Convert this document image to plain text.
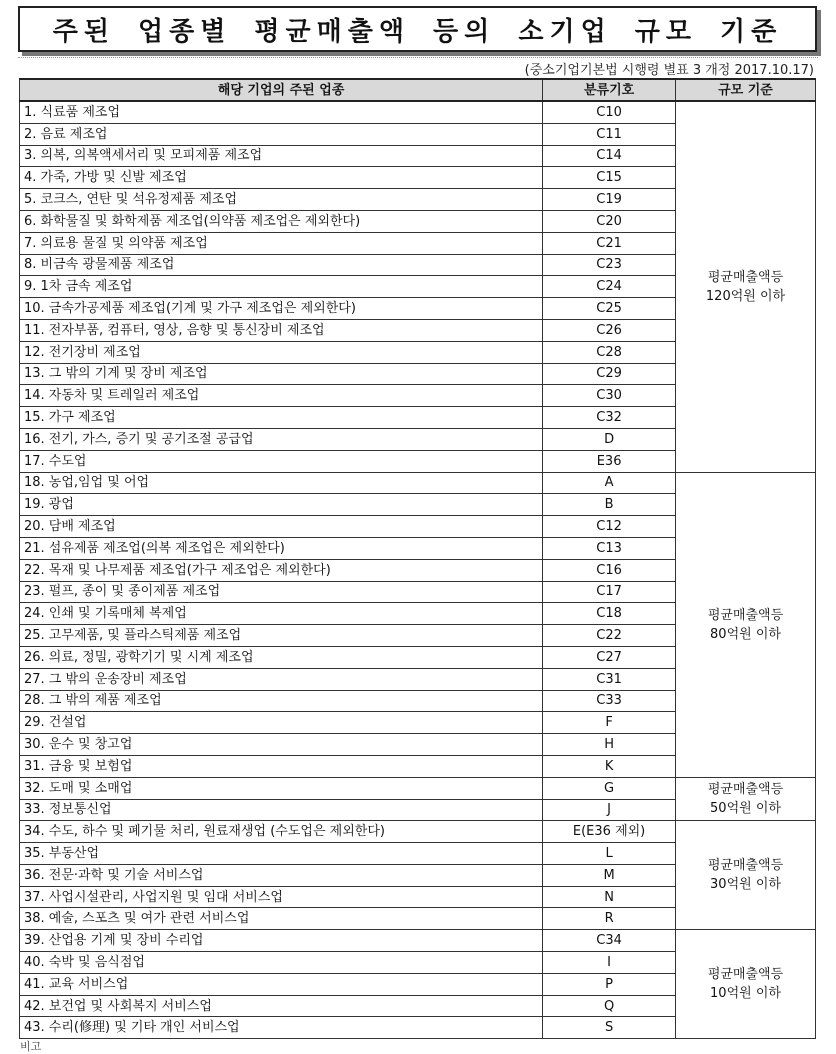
주된 업종별 평균매출액 등의 소기업 규모 기준
(중소기업기본법 시행령 별표 3 개정 2017.10.17)
해당 기업의 주된 업종	분류기호	규모 기준
1. 식료품 제조업	C10	평균매출액등
120억원 이하

2. 음료 제조업	C11	
3. 의복, 의복액세서리 및 모피제품 제조업	C14	
4. 가죽, 가방 및 신발 제조업	C15	
5. 코크스, 연탄 및 석유정제품 제조업	C19	
6. 화학물질 및 화학제품 제조업(의약품 제조업은 제외한다)	C20	
7. 의료용 물질 및 의약품 제조업	C21	
8. 비금속 광물제품 제조업	C23	
9. 1차 금속 제조업	C24	
10. 금속가공제품 제조업(기계 및 가구 제조업은 제외한다)	C25	
11. 전자부품, 컴퓨터, 영상, 음향 및 통신장비 제조업	C26	
12. 전기장비 제조업	C28	
13. 그 밖의 기계 및 장비 제조업	C29	
14. 자동차 및 트레일러 제조업	C30	
15. 가구 제조업	C32	
16. 전기, 가스, 증기 및 공기조절 공급업	D	
17. 수도업	E36	
18. 농업,임업 및 어업	A	평균매출액등
80억원 이하

19. 광업	B	
20. 담배 제조업	C12	
21. 섬유제품 제조업(의복 제조업은 제외한다)	C13	
22. 목재 및 나무제품 제조업(가구 제조업은 제외한다)	C16	
23. 펄프, 종이 및 종이제품 제조업	C17	
24. 인쇄 및 기록매체 복제업	C18	
25. 고무제품, 및 플라스틱제품 제조업	C22	
26. 의료, 정밀, 광학기기 및 시계 제조업	C27	
27. 그 밖의 운송장비 제조업	C31	
28. 그 밖의 제품 제조업	C33	
29. 건설업	F	
30. 운수 및 창고업	H	
31. 금융 및 보험업	K	
32. 도매 및 소매업	G	평균매출액등
50억원 이하

33. 정보통신업	J	
34. 수도, 하수 및 폐기물 처리, 원료재생업 (수도업은 제외한다)	E(E36 제외)	평균매출액등
30억원 이하

35. 부동산업	L	
36. 전문·과학 및 기술 서비스업	M	
37. 사업시설관리, 사업지원 및 임대 서비스업	N	
38. 예술, 스포츠 및 여가 관련 서비스업	R	
39. 산업용 기계 및 장비 수리업	C34	평균매출액등
10억원 이하

40. 숙박 및 음식점업	I	
41. 교육 서비스업	P	
42. 보건업 및 사회복지 서비스업	Q	
43. 수리(修理) 및 기타 개인 서비스업	S	
비고
